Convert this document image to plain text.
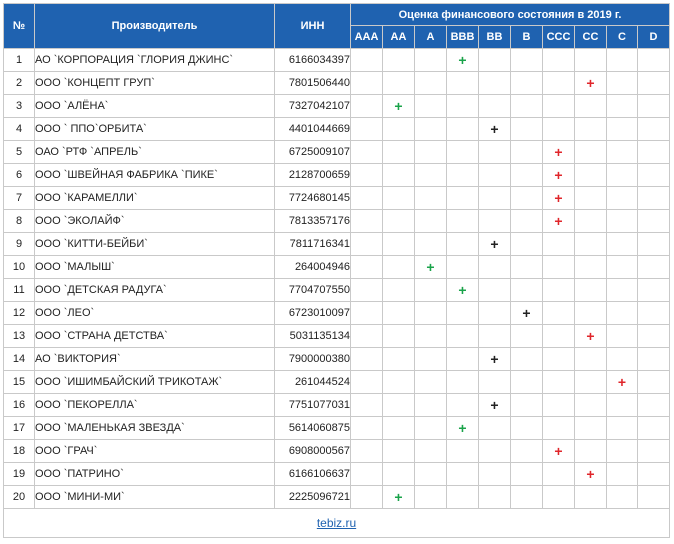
№	Производитель	ИНН	Оценка финансового состояния в 2019 г.									
			AAA	AA	A	BBB	BB	B	CCC	CC	C	D
1	АО `КОРПОРАЦИЯ `ГЛОРИЯ ДЖИНС`	6166034397				+						
2	ООО `КОНЦЕПТ ГРУП`	7801506440								+		
3	ООО `АЛЁНА`	7327042107		+								
4	ООО ` ППО`ОРБИТА`	4401044669					+					
5	ОАО `РТФ `АПРЕЛЬ`	6725009107							+			
6	ООО `ШВЕЙНАЯ ФАБРИКА `ПИКЕ`	2128700659							+			
7	ООО `КАРАМЕЛЛИ`	7724680145							+			
8	ООО `ЭКОЛАЙФ`	7813357176							+			
9	ООО `КИТТИ-БЕЙБИ`	7811716341					+					
10	ООО `МАЛЫШ`	264004946			+							
11	ООО `ДЕТСКАЯ РАДУГА`	7704707550				+						
12	ООО `ЛЕО`	6723010097						+				
13	ООО `СТРАНА ДЕТСТВА`	5031135134								+		
14	АО `ВИКТОРИЯ`	7900000380					+					
15	ООО `ИШИМБАЙСКИЙ ТРИКОТАЖ`	261044524									+	
16	ООО `ПЕКОРЕЛЛА`	7751077031					+					
17	ООО `МАЛЕНЬКАЯ ЗВЕЗДА`	5614060875				+						
18	ООО `ГРАЧ`	6908000567							+			
19	ООО `ПАТРИНО`	6166106637								+		
20	ООО `МИНИ-МИ`	2225096721		+								
tebiz.ru												
